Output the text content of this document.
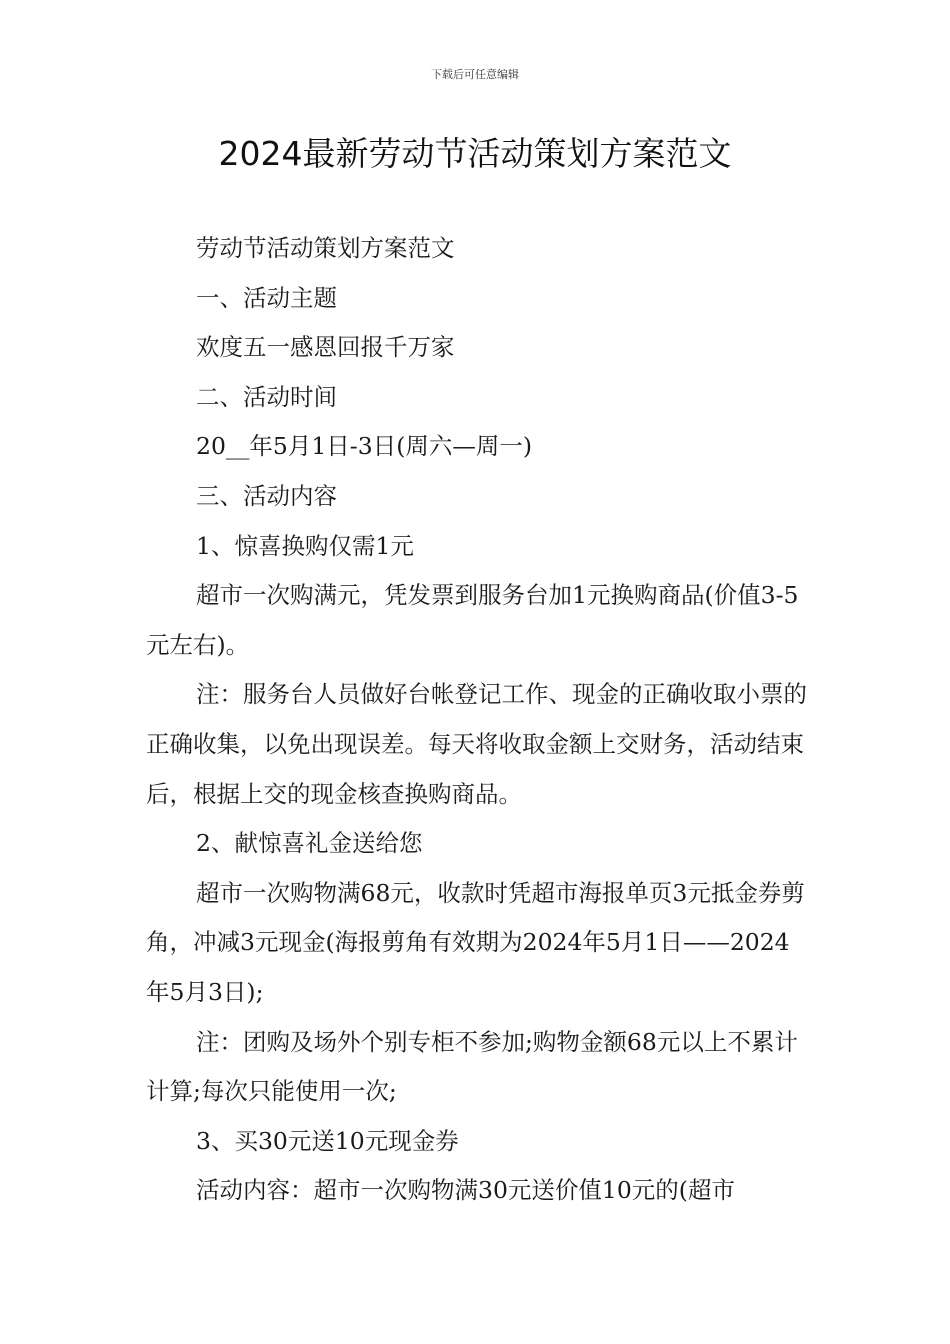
下载后可任意编辑
2024最新劳动节活动策划方案范文

劳动节活动策划方案范文

一、活动主题

欢度五一感恩回报千万家

二、活动时间

20__年5月1日-3日(周六—周一)

三、活动内容

1、惊喜换购仅需1元

超市一次购满元，凭发票到服务台加1元换购商品(价值3-5元左右)。

注：服务台人员做好台帐登记工作、现金的正确收取小票的正确收集，以免出现误差。每天将收取金额上交财务，活动结束后，根据上交的现金核查换购商品。

2、献惊喜礼金送给您

超市一次购物满68元，收款时凭超市海报单页3元抵金券剪角，冲减3元现金(海报剪角有效期为2024年5月1日——2024年5月3日);

注：团购及场外个别专柜不参加;购物金额68元以上不累计计算;每次只能使用一次;

3、买30元送10元现金券

活动内容：超市一次购物满30元送价值10元的(超市
